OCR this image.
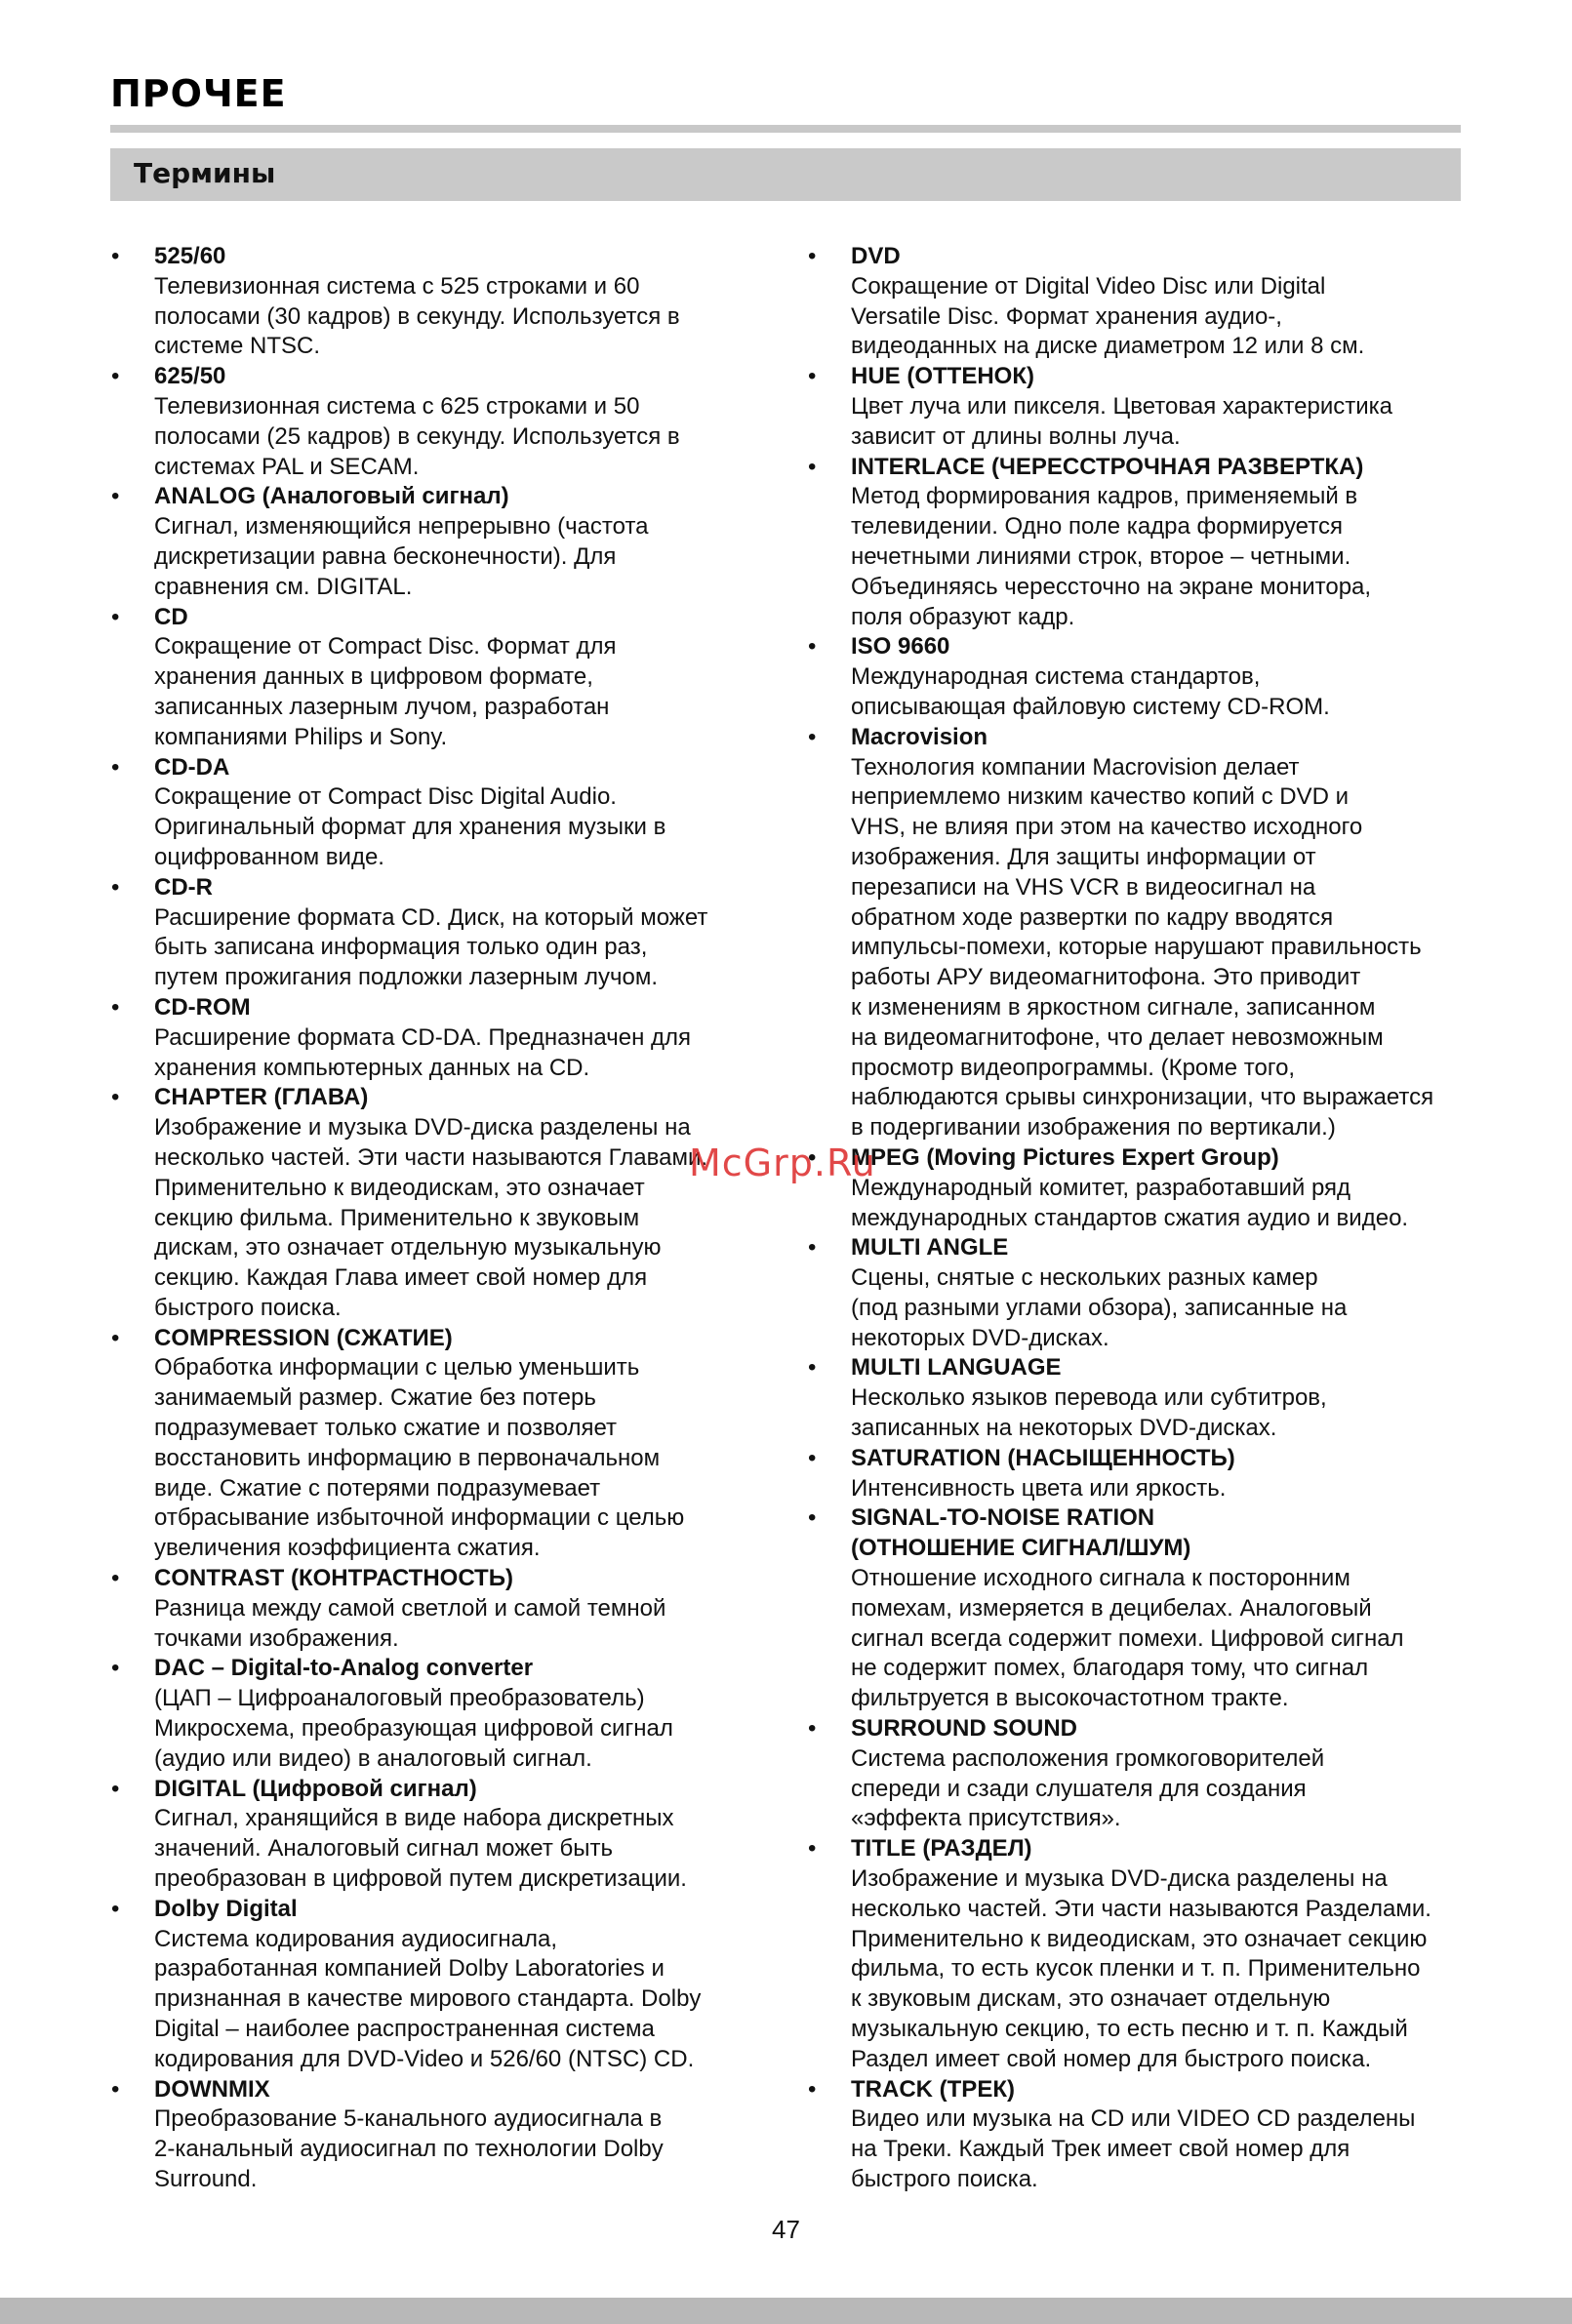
ПРОЧЕЕ
Термины
• 525/60
Телевизионная система с 525 строками и 60
полосами (30 кадров) в секунду. Используется в
системе NTSC.
• 625/50
Телевизионная система с 625 строками и 50
полосами (25 кадров) в секунду. Используется в
системах PAL и SECAM.
• ANALOG (Аналоговый сигнал)
Сигнал, изменяющийся непрерывно (частота
дискретизации равна бесконечности). Для
сравнения см. DIGITAL.
• CD
Сокращение от Compact Disc. Формат для
хранения данных в цифровом формате,
записанных лазерным лучом, разработан
компаниями Philips и Sony.
• CD-DA
Сокращение от Compact Disc Digital Audio.
Оригинальный формат для хранения музыки в
оцифрованном виде.
• CD-R
Расширение формата CD. Диск, на который может
быть записана информация только один раз,
путем прожигания подложки лазерным лучом.
• CD-ROM
Расширение формата CD-DA. Предназначен для
хранения компьютерных данных на CD.
• CHAPTER (ГЛАВА)
Изображение и музыка DVD-диска разделены на
несколько частей. Эти части называются Главами.
Применительно к видеодискам, это означает
секцию фильма. Применительно к звуковым
дискам, это означает отдельную музыкальную
секцию. Каждая Глава имеет свой номер для
быстрого поиска.
• COMPRESSION (СЖАТИЕ)
Обработка информации с целью уменьшить
занимаемый размер. Сжатие без потерь
подразумевает только сжатие и позволяет
восстановить информацию в первоначальном
виде. Сжатие с потерями подразумевает
отбрасывание избыточной информации с целью
увеличения коэффициента сжатия.
• CONTRAST (КОНТРАСТНОСТЬ)
Разница между самой светлой и самой темной
точками изображения.
• DAC – Digital-to-Analog converter
(ЦАП – Цифроаналоговый преобразователь)
Микросхема, преобразующая цифровой сигнал
(аудио или видео) в аналоговый сигнал.
• DIGITAL (Цифровой сигнал)
Сигнал, хранящийся в виде набора дискретных
значений. Аналоговый сигнал может быть
преобразован в цифровой путем дискретизации.
• Dolby Digital
Система кодирования аудиосигнала,
разработанная компанией Dolby Laboratories и
признанная в качестве мирового стандарта. Dolby
Digital – наиболее распространенная система
кодирования для DVD-Video и 526/60 (NTSC) CD.
• DOWNMIX
Преобразование 5-канального аудиосигнала в
2-канальный аудиосигнал по технологии Dolby
Surround.
• DVD
Сокращение от Digital Video Disc или Digital
Versatile Disc. Формат хранения аудио-,
видеоданных на диске диаметром 12 или 8 см.
• HUE (ОТТЕНОК)
Цвет луча или пикселя. Цветовая характеристика
зависит от длины волны луча.
• INTERLACE (ЧЕРЕССТРОЧНАЯ РАЗВЕРТКА)
Метод формирования кадров, применяемый в
телевидении. Одно поле кадра формируется
нечетными линиями строк, второе – четными.
Объединяясь черессточно на экране монитора,
поля образуют кадр.
• ISO 9660
Международная система стандартов,
описывающая файловую систему CD-ROM.
• Macrovision
Технология компании Macrovision делает
неприемлемо низким качество копий с DVD и
VHS, не влияя при этом на качество исходного
изображения. Для защиты информации от
перезаписи на VHS VCR в видеосигнал на
обратном ходе развертки по кадру вводятся
импульсы-помехи, которые нарушают правильность
работы АРУ видеомагнитофона. Это приводит
к изменениям в яркостном сигнале, записанном
на видеомагнитофоне, что делает невозможным
просмотр видеопрограммы. (Кроме того,
наблюдаются срывы синхронизации, что выражается
в подергивании изображения по вертикали.)
• MPEG (Moving Pictures Expert Group)
Международный комитет, разработавший ряд
международных стандартов сжатия аудио и видео.
• MULTI ANGLE
Сцены, снятые с нескольких разных камер
(под разными углами обзора), записанные на
некоторых DVD-дисках.
• MULTI LANGUAGE
Несколько языков перевода или субтитров,
записанных на некоторых DVD-дисках.
• SATURATION (НАСЫЩЕННОСТЬ)
Интенсивность цвета или яркость.
• SIGNAL-TO-NOISE RATION
(ОТНОШЕНИЕ СИГНАЛ/ШУМ)
Отношение исходного сигнала к посторонним
помехам, измеряется в децибелах. Аналоговый
сигнал всегда содержит помехи. Цифровой сигнал
не содержит помех, благодаря тому, что сигнал
фильтруется в высокочастотном тракте.
• SURROUND SOUND
Система расположения громкоговорителей
спереди и сзади слушателя для создания
«эффекта присутствия».
• TITLE (РАЗДЕЛ)
Изображение и музыка DVD-диска разделены на
несколько частей. Эти части называются Разделами.
Применительно к видеодискам, это означает секцию
фильма, то есть кусок пленки и т. п. Применительно
к звуковым дискам, это означает отдельную
музыкальную секцию, то есть песню и т. п. Каждый
Раздел имеет свой номер для быстрого поиска.
• TRACK (ТРЕК)
Видео или музыка на CD или VIDEO CD разделены
на Треки. Каждый Трек имеет свой номер для
быстрого поиска.
McGrp.Ru
47
